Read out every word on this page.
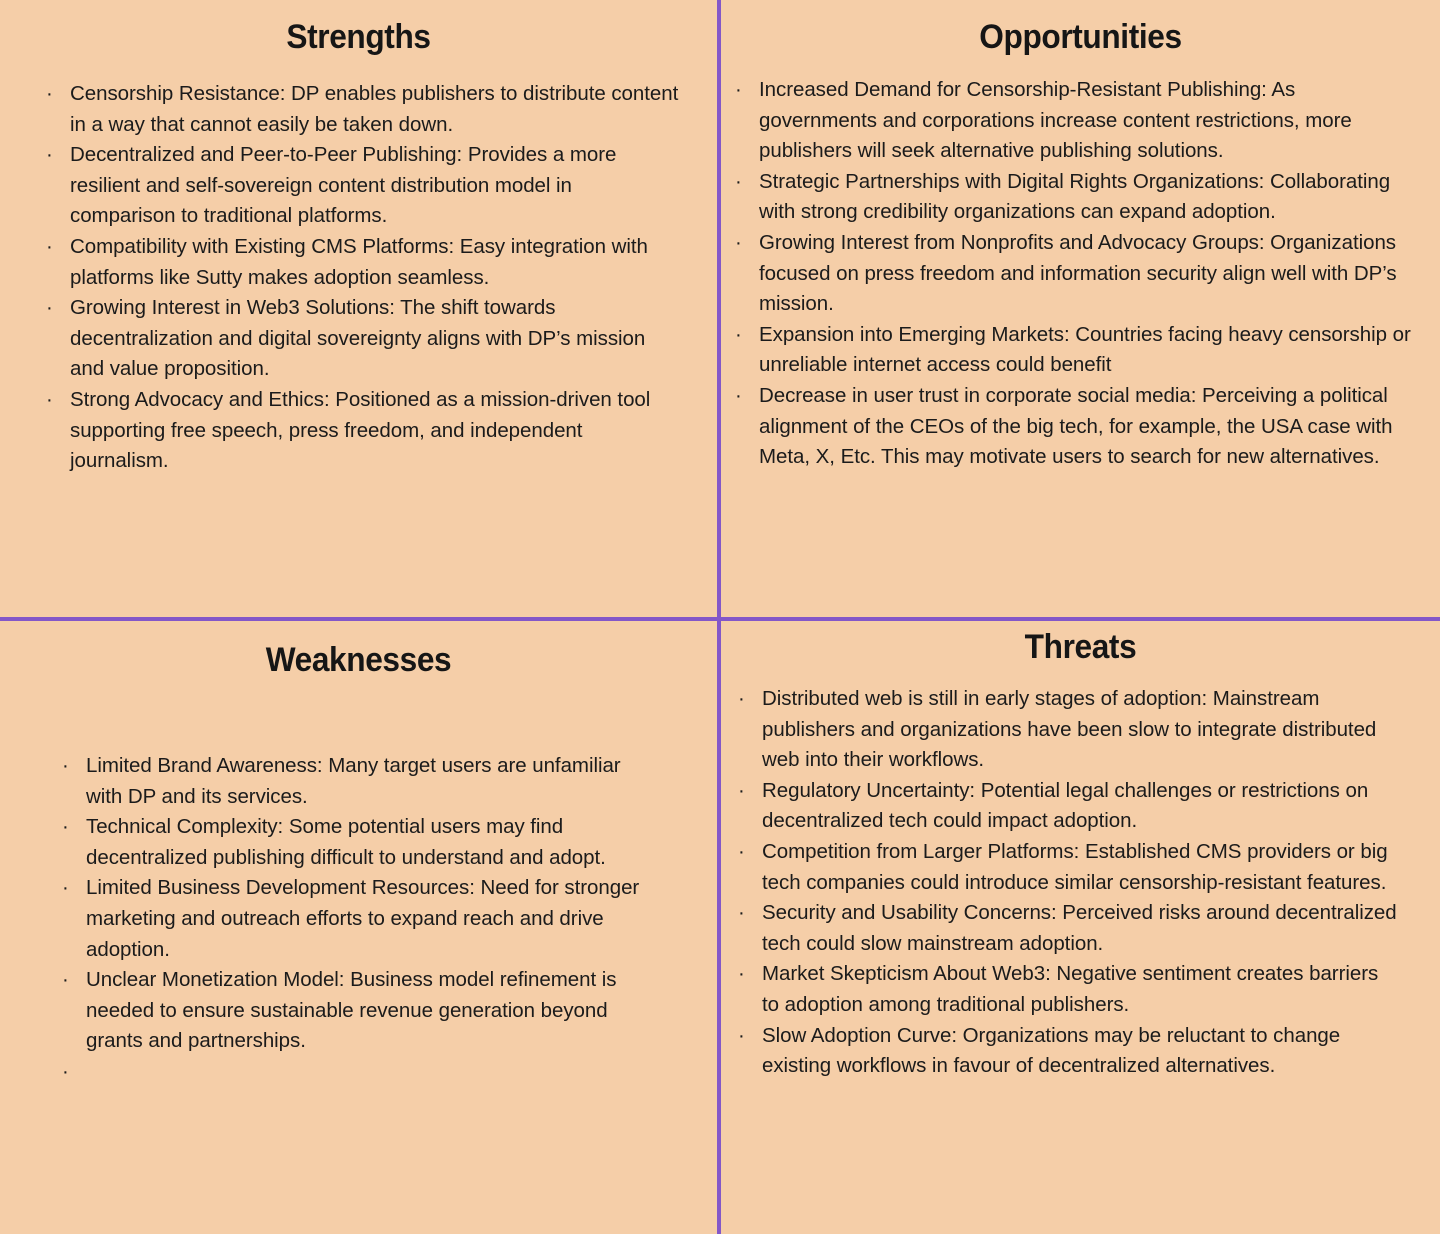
Strengths
· Censorship Resistance: DP enables publishers to distribute content in a way that cannot easily be taken down.
· Decentralized and Peer-to-Peer Publishing: Provides a more resilient and self-sovereign content distribution model in comparison to traditional platforms.
· Compatibility with Existing CMS Platforms: Easy integration with platforms like Sutty makes adoption seamless.
· Growing Interest in Web3 Solutions: The shift towards decentralization and digital sovereignty aligns with DP’s mission and value proposition.
· Strong Advocacy and Ethics: Positioned as a mission-driven tool supporting free speech, press freedom, and independent journalism.
Opportunities
· Increased Demand for Censorship-Resistant Publishing: As governments and corporations increase content restrictions, more publishers will seek alternative publishing solutions.
· Strategic Partnerships with Digital Rights Organizations: Collaborating with strong credibility organizations can expand adoption.
· Growing Interest from Nonprofits and Advocacy Groups: Organizations focused on press freedom and information security align well with DP’s mission.
· Expansion into Emerging Markets: Countries facing heavy censorship or unreliable internet access could benefit
· Decrease in user trust in corporate social media: Perceiving a political alignment of the CEOs of the big tech, for example, the USA case with Meta, X, Etc. This may motivate users to search for new alternatives.
Weaknesses
· Limited Brand Awareness: Many target users are unfamiliar with DP and its services.
· Technical Complexity: Some potential users may find decentralized publishing difficult to understand and adopt.
· Limited Business Development Resources: Need for stronger marketing and outreach efforts to expand reach and drive adoption.
· Unclear Monetization Model: Business model refinement is needed to ensure sustainable revenue generation beyond grants and partnerships.
·
Threats
· Distributed web is still in early stages of adoption: Mainstream publishers and organizations have been slow to integrate distributed web into their workflows.
· Regulatory Uncertainty: Potential legal challenges or restrictions on decentralized tech could impact adoption.
· Competition from Larger Platforms: Established CMS providers or big tech companies could introduce similar censorship-resistant features.
· Security and Usability Concerns: Perceived risks around decentralized tech could slow mainstream adoption.
· Market Skepticism About Web3: Negative sentiment creates barriers to adoption among traditional publishers.
· Slow Adoption Curve: Organizations may be reluctant to change existing workflows in favour of decentralized alternatives.
